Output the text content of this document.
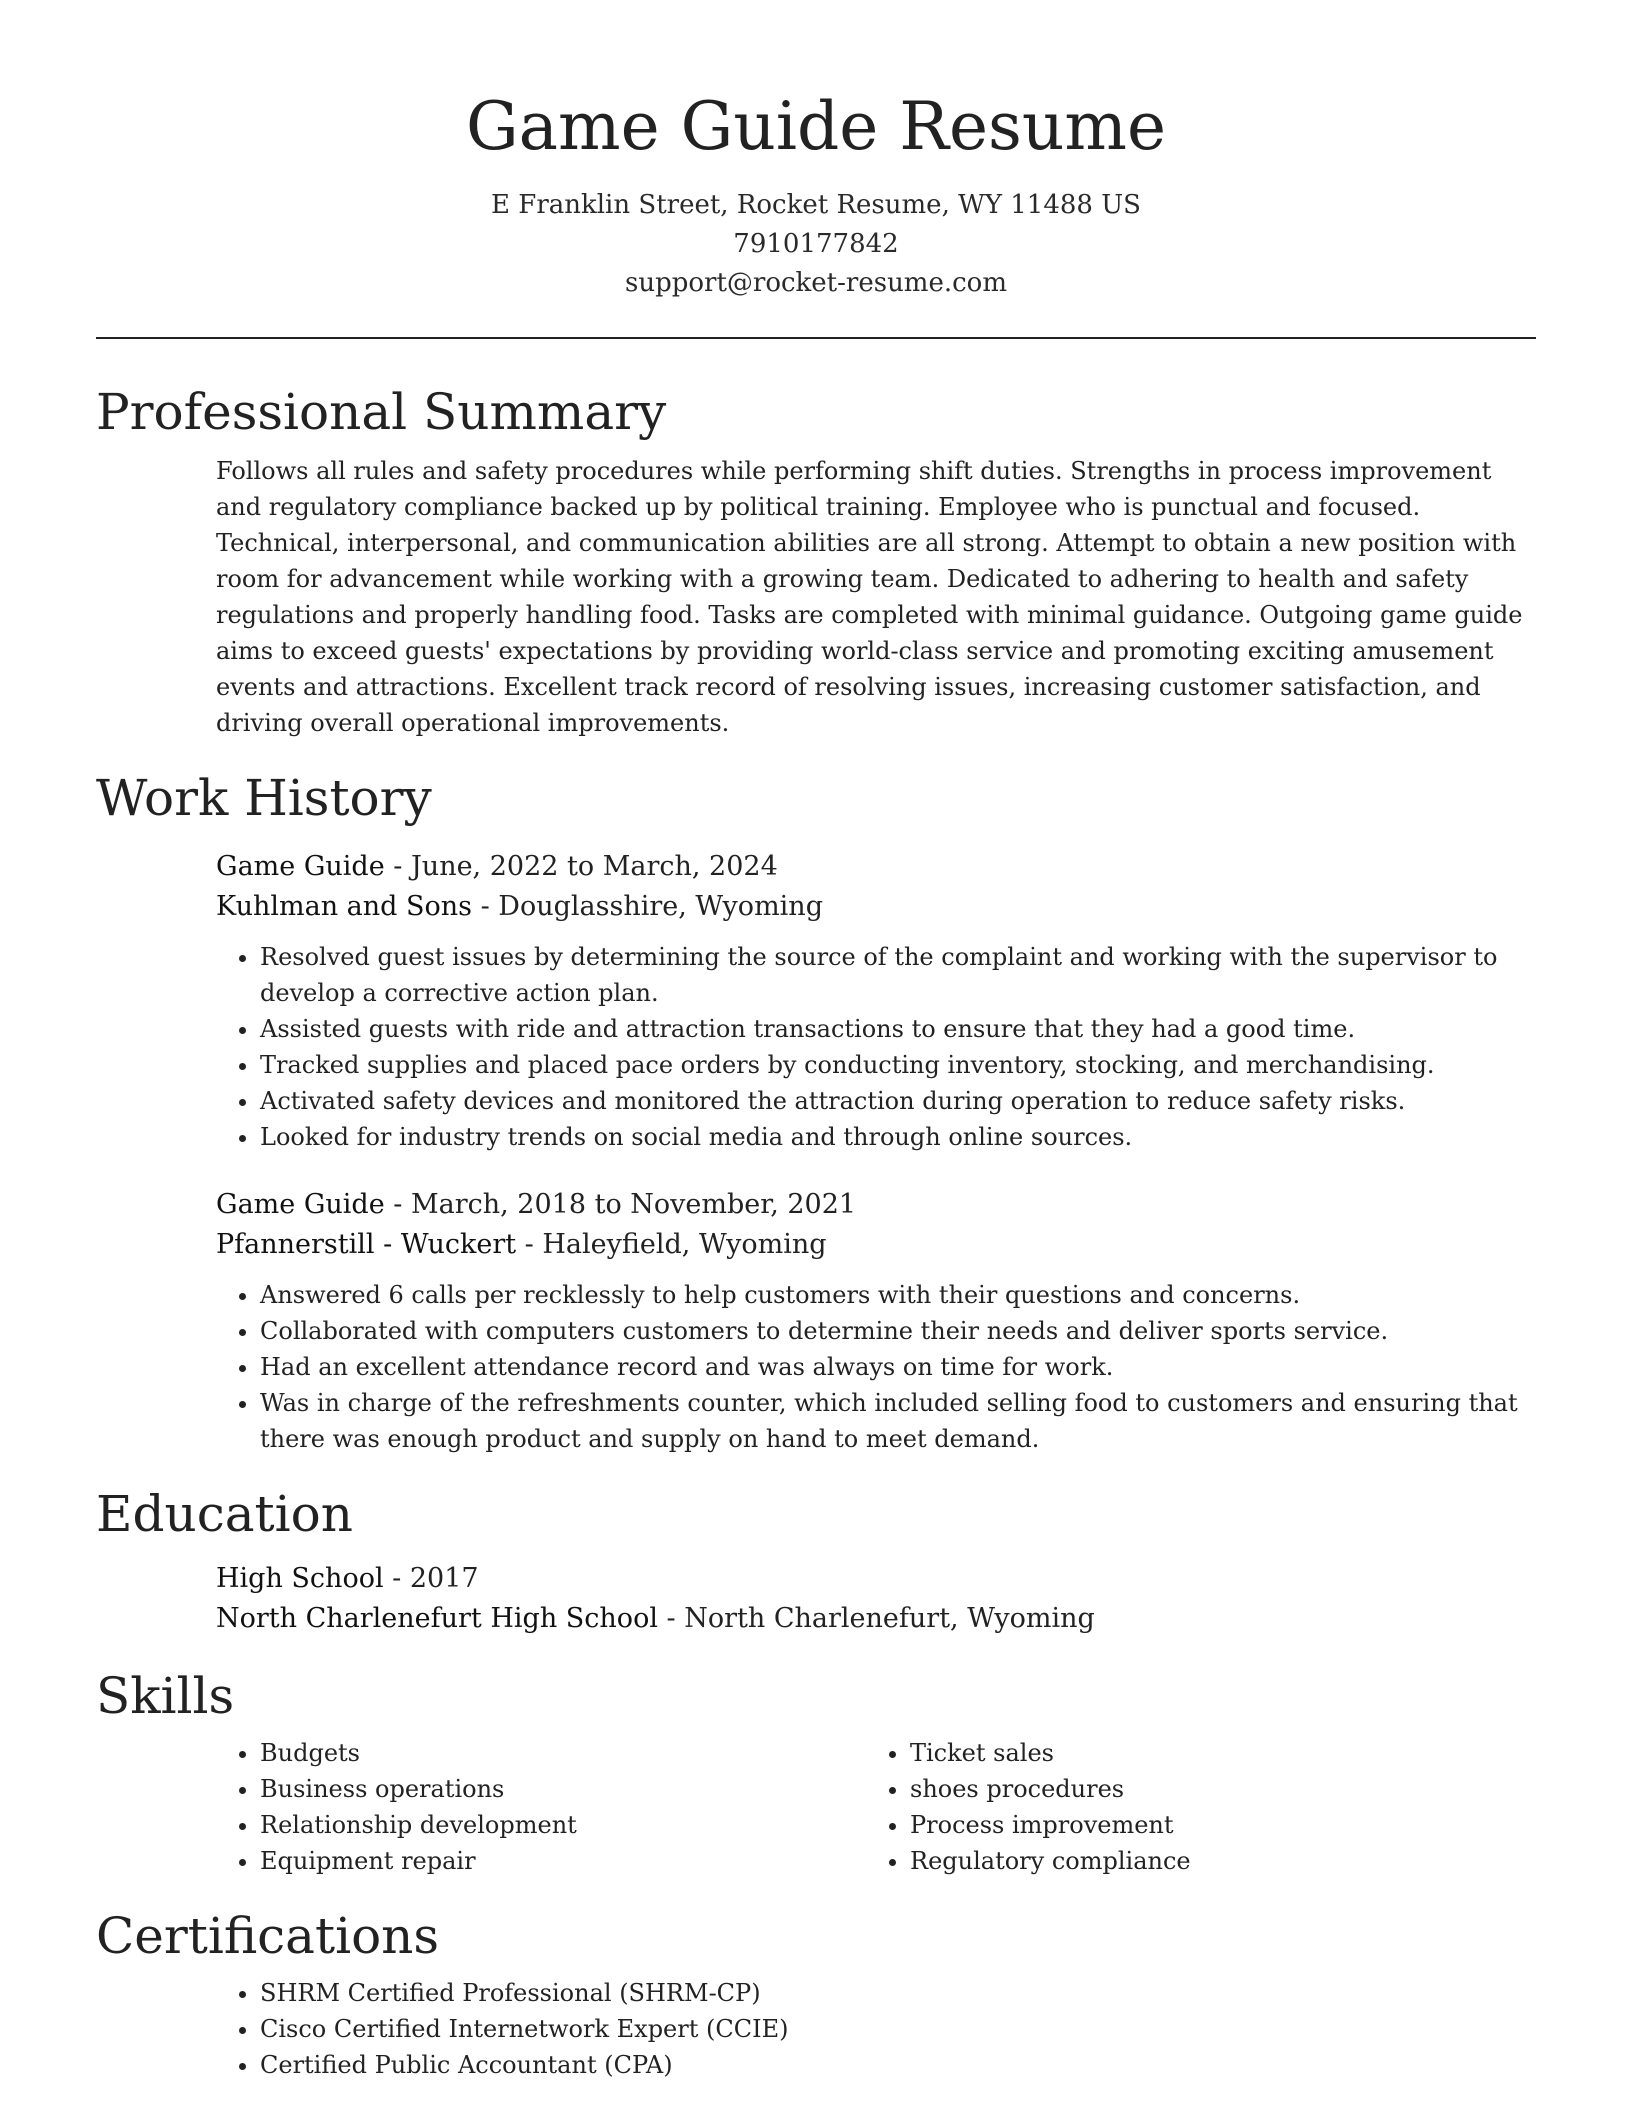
Game Guide Resume
E Franklin Street, Rocket Resume, WY 11488 US
7910177842
support@rocket-resume.com
Professional Summary

Follows all rules and safety procedures while performing shift duties. Strengths in process improvement and regulatory compliance backed up by political training. Employee who is punctual and focused. Technical, interpersonal, and communication abilities are all strong. Attempt to obtain a new position with room for advancement while working with a growing team. Dedicated to adhering to health and safety regulations and properly handling food. Tasks are completed with minimal guidance. Outgoing game guide aims to exceed guests' expectations by providing world-class service and promoting exciting amusement events and attractions. Excellent track record of resolving issues, increasing customer satisfaction, and driving overall operational improvements.

Work History
Game Guide - June, 2022 to March, 2024
Kuhlman and Sons - Douglasshire, Wyoming
• Resolved guest issues by determining the source of the complaint and working with the supervisor to develop a corrective action plan.
• Assisted guests with ride and attraction transactions to ensure that they had a good time.
• Tracked supplies and placed pace orders by conducting inventory, stocking, and merchandising.
• Activated safety devices and monitored the attraction during operation to reduce safety risks.
• Looked for industry trends on social media and through online sources.
Game Guide - March, 2018 to November, 2021
Pfannerstill - Wuckert - Haleyfield, Wyoming
• Answered 6 calls per recklessly to help customers with their questions and concerns.
• Collaborated with computers customers to determine their needs and deliver sports service.
• Had an excellent attendance record and was always on time for work.
• Was in charge of the refreshments counter, which included selling food to customers and ensuring that there was enough product and supply on hand to meet demand.
Education
High School - 2017
North Charlenefurt High School - North Charlenefurt, Wyoming
Skills
• Budgets
• Business operations
• Relationship development
• Equipment repair
• Ticket sales
• shoes procedures
• Process improvement
• Regulatory compliance
Certifications
• SHRM Certified Professional (SHRM-CP)
• Cisco Certified Internetwork Expert (CCIE)
• Certified Public Accountant (CPA)
